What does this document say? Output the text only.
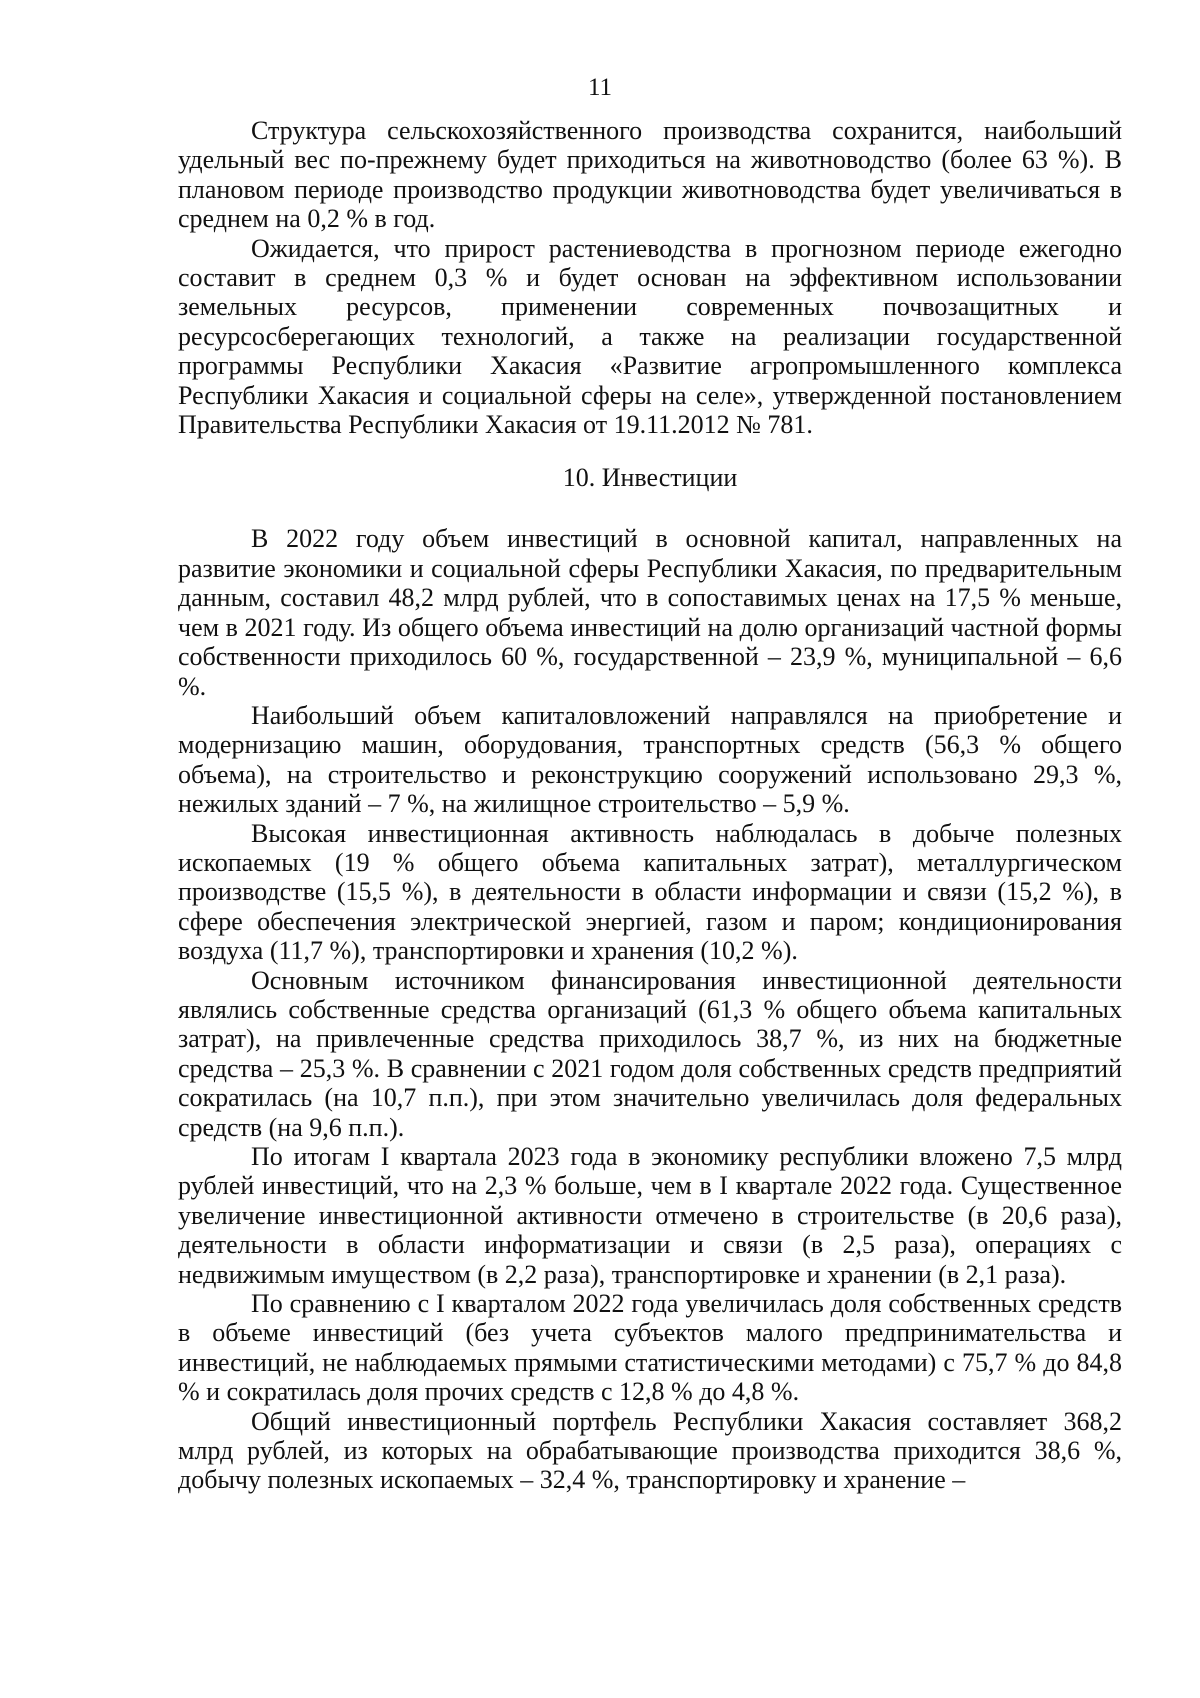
11

Структура сельскохозяйственного производства сохранится, наибольший удельный вес по-прежнему будет приходиться на животноводство (более 63 %). В плановом периоде производство продукции животноводства будет увеличиваться в среднем на 0,2 % в год.

Ожидается, что прирост растениеводства в прогнозном периоде ежегодно составит в среднем 0,3 % и будет основан на эффективном использовании земельных ресурсов, применении современных почвозащитных и ресурсосберегающих технологий, а также на реализации государственной программы Республики Хакасия «Развитие агропромышленного комплекса Республики Хакасия и социальной сферы на селе», утвержденной постановлением Правительства Республики Хакасия от 19.11.2012 № 781.

10. Инвестиции

В 2022 году объем инвестиций в основной капитал, направленных на развитие экономики и социальной сферы Республики Хакасия, по предварительным данным, составил 48,2 млрд рублей, что в сопоставимых ценах на 17,5 % меньше, чем в 2021 году. Из общего объема инвестиций на долю организаций частной формы собственности приходилось 60 %, государственной – 23,9 %, муниципальной – 6,6 %.

Наибольший объем капиталовложений направлялся на приобретение и модернизацию машин, оборудования, транспортных средств (56,3 % общего объема), на строительство и реконструкцию сооружений использовано 29,3 %, нежилых зданий – 7 %, на жилищное строительство – 5,9 %.

Высокая инвестиционная активность наблюдалась в добыче полезных ископаемых (19 % общего объема капитальных затрат), металлургическом производстве (15,5 %), в деятельности в области информации и связи (15,2 %), в сфере обеспечения электрической энергией, газом и паром; кондиционирования воздуха (11,7 %), транспортировки и хранения (10,2 %).

Основным источником финансирования инвестиционной деятельности являлись собственные средства организаций (61,3 % общего объема капитальных затрат), на привлеченные средства приходилось 38,7 %, из них на бюджетные средства – 25,3 %. В сравнении с 2021 годом доля собственных средств предприятий сократилась (на 10,7 п.п.), при этом значительно увеличилась доля федеральных средств (на 9,6 п.п.).

По итогам I квартала 2023 года в экономику республики вложено 7,5 млрд рублей инвестиций, что на 2,3 % больше, чем в I квартале 2022 года. Существенное увеличение инвестиционной активности отмечено в строительстве (в 20,6 раза), деятельности в области информатизации и связи (в 2,5 раза), операциях с недвижимым имуществом (в 2,2 раза), транспортировке и хранении (в 2,1 раза).

По сравнению с I кварталом 2022 года увеличилась доля собственных средств в объеме инвестиций (без учета субъектов малого предпринимательства и инвестиций, не наблюдаемых прямыми статистическими методами) с 75,7 % до 84,8 % и сократилась доля прочих средств с 12,8 % до 4,8 %.

Общий инвестиционный портфель Республики Хакасия составляет 368,2 млрд рублей, из которых на обрабатывающие производства приходится 38,6 %, добычу полезных ископаемых – 32,4 %, транспортировку и хранение –
